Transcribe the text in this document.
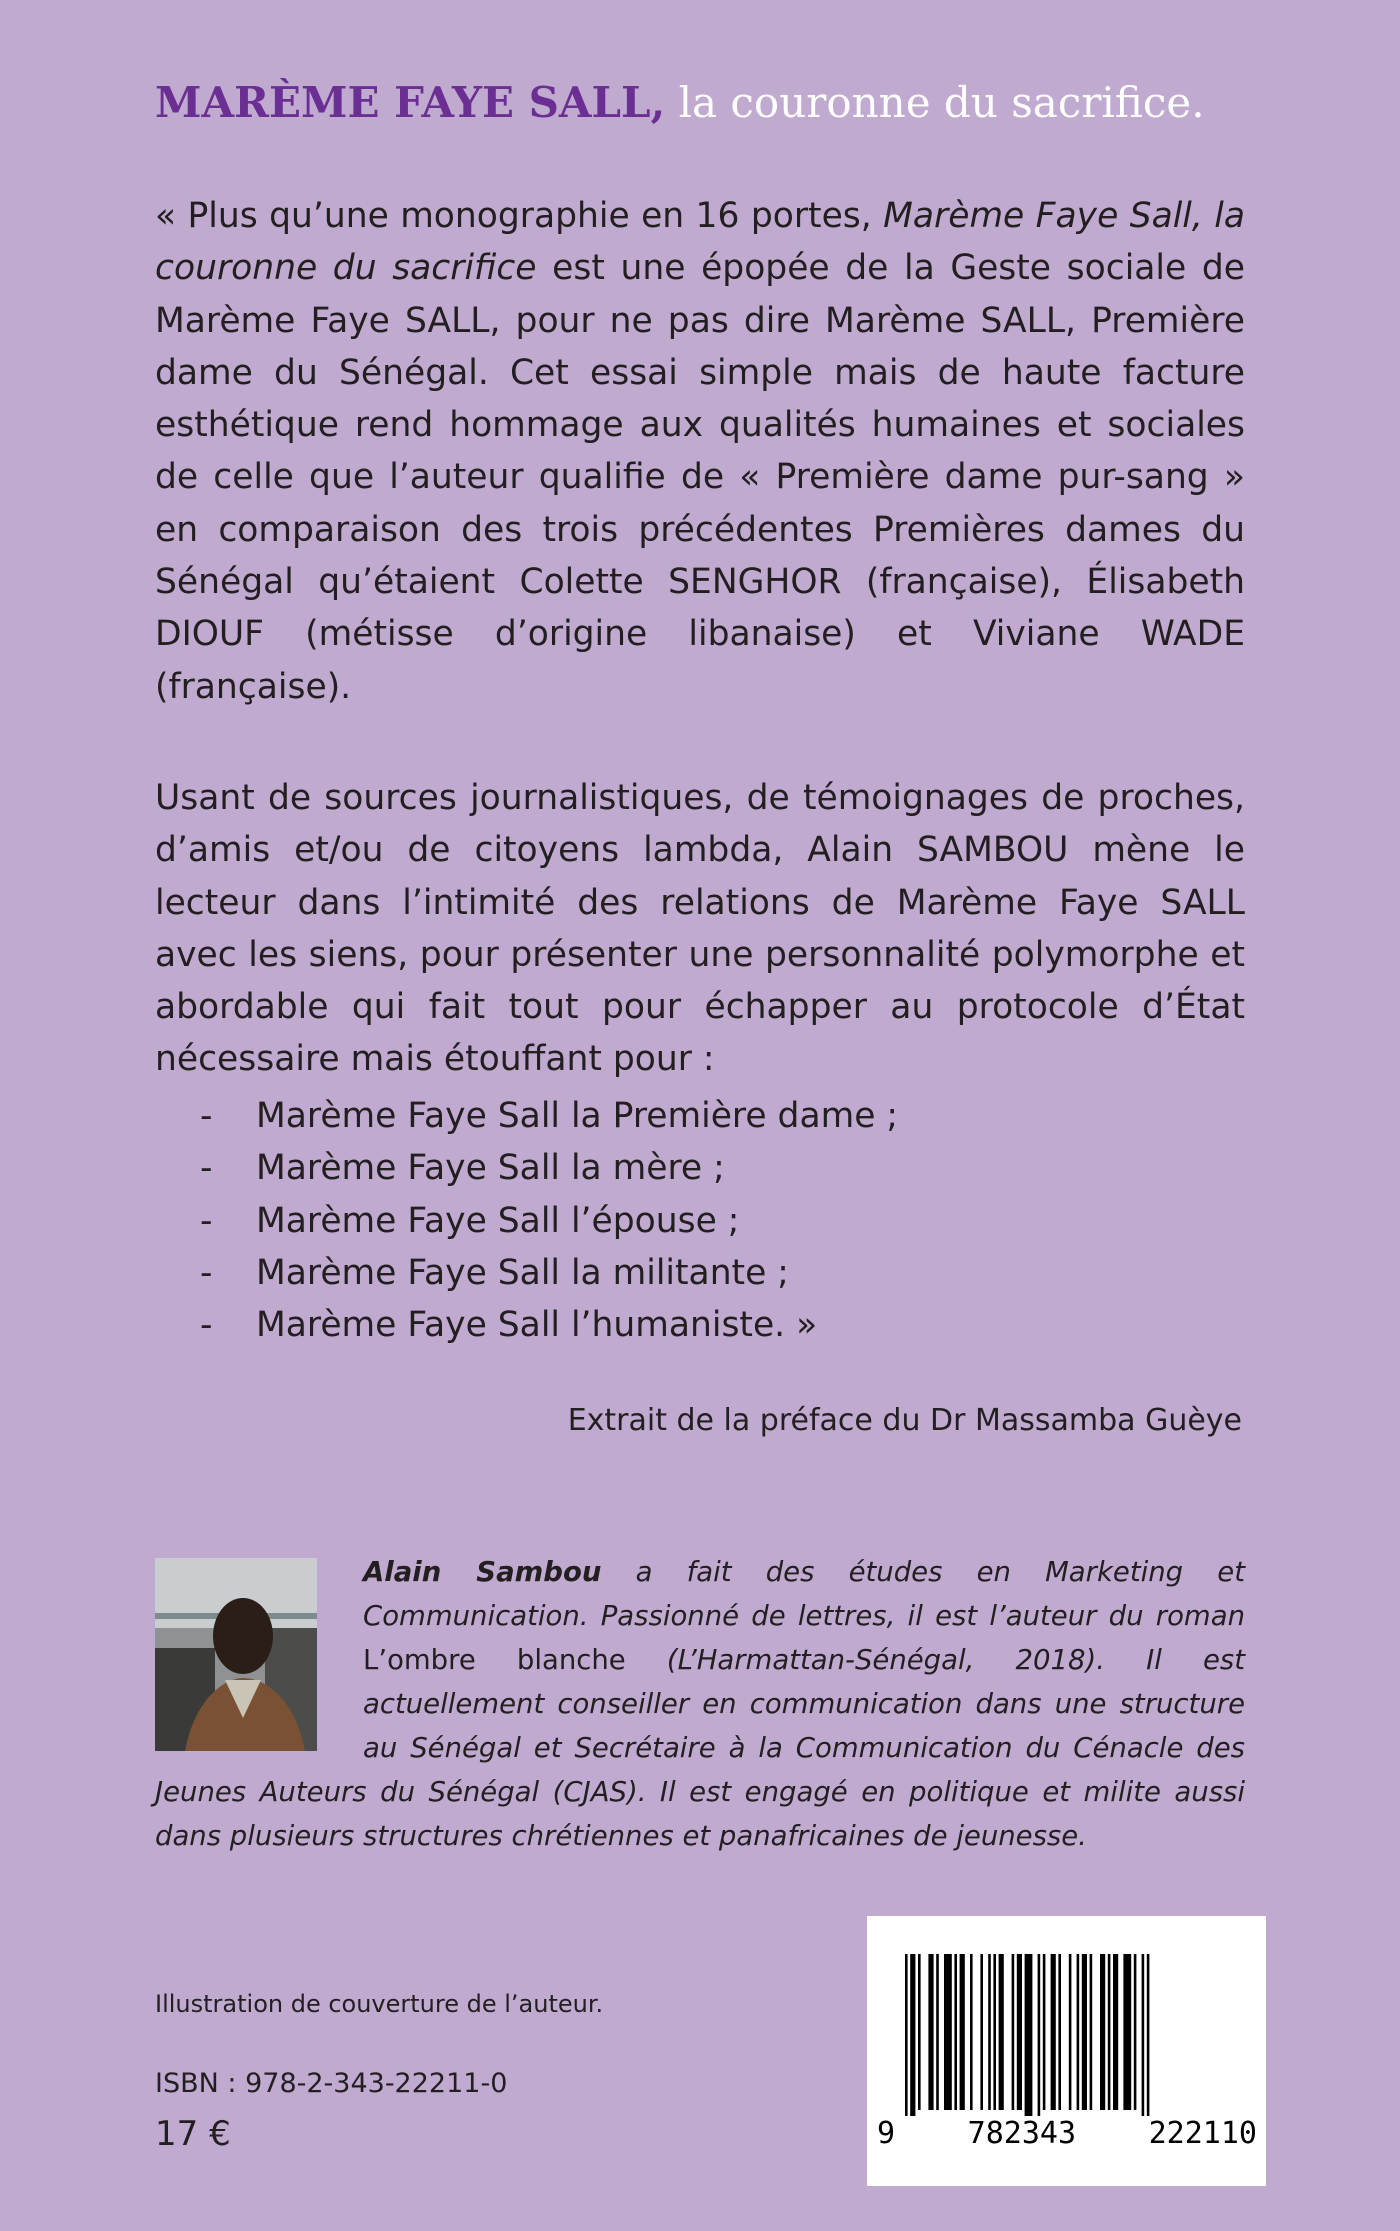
MARÈME FAYE SALL, la couronne du sacrifice.
« Plus qu’une monographie en 16 portes, Marème Faye Sall, la couronne du sacrifice est une épopée de la Geste sociale de Marème Faye SALL, pour ne pas dire Marème SALL, Première dame du Sénégal. Cet essai simple mais de haute facture esthétique rend hommage aux qualités humaines et sociales de celle que l’auteur qualifie de « Première dame pur-sang » en comparaison des trois précédentes Premières dames du Sénégal qu’étaient Colette SENGHOR (française), Élisabeth DIOUF (métisse d’origine libanaise) et Viviane WADE (française).
Usant de sources journalistiques, de témoignages de proches, d’amis et/ou de citoyens lambda, Alain SAMBOU mène le lecteur dans l’intimité des relations de Marème Faye SALL avec les siens, pour présenter une personnalité polymorphe et abordable qui fait tout pour échapper au protocole d’État nécessaire mais étouffant pour :
-	Marème Faye Sall la Première dame ;
-	Marème Faye Sall la mère ;
-	Marème Faye Sall l’épouse ;
-	Marème Faye Sall la militante ;
-	Marème Faye Sall l’humaniste. »
Extrait de la préface du Dr Massamba Guèye
Alain Sambou a fait des études en Marketing et Communication. Passionné de lettres, il est l’auteur du roman L’ombre blanche (L’Harmattan-Sénégal, 2018). Il est actuellement conseiller en communication dans une structure au Sénégal et Secrétaire à la Communication du Cénacle des Jeunes Auteurs du Sénégal (CJAS). Il est engagé en politique et milite aussi dans plusieurs structures chrétiennes et panafricaines de jeunesse.
Illustration de couverture de l’auteur.
ISBN : 978-2-343-22211-0
17 €	9 782343 222110
